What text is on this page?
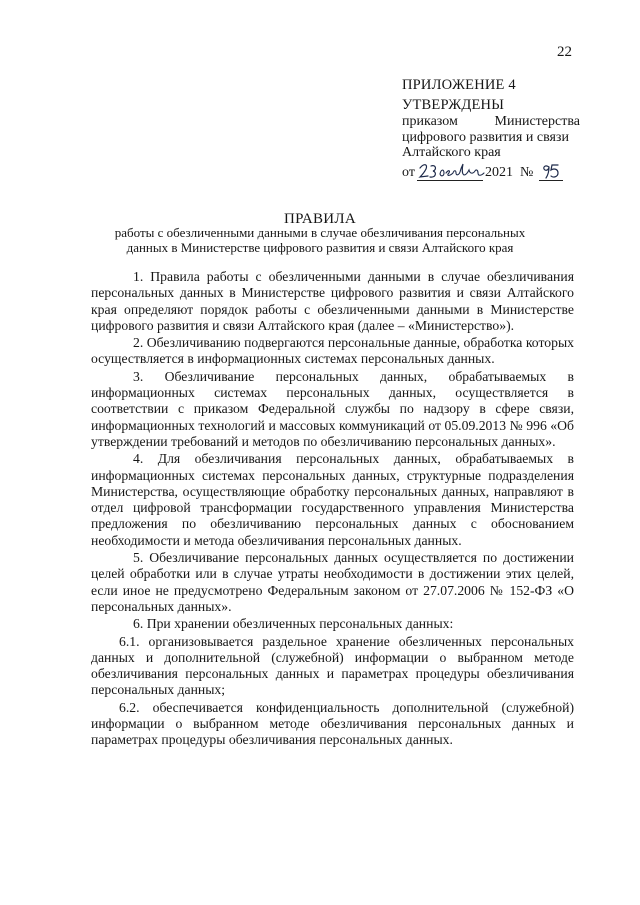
22
ПРИЛОЖЕНИЕ 4
УТВЕРЖДЕНЫ
приказом	Министерства
цифрового развития и связи
Алтайского края
от	2021 №
ПРАВИЛА
работы с обезличенными данными в случае обезличивания персональных
данных в Министерстве цифрового развития и связи Алтайского края

1. Правила работы с обезличенными данными в случае обезличивания персональных данных в Министерстве цифрового развития и связи Алтайского края определяют порядок работы с обезличенными данными в Министерстве цифрового развития и связи Алтайского края (далее – «Министерство»).

2. Обезличиванию подвергаются персональные данные, обработка которых осуществляется в информационных системах персональных данных.

3. Обезличивание персональных данных, обрабатываемых в информационных системах персональных данных, осуществляется в соответствии с приказом Федеральной службы по надзору в сфере связи, информационных технологий и массовых коммуникаций от 05.09.2013 № 996 «Об утверждении требований и методов по обезличиванию персональных данных».

4. Для обезличивания персональных данных, обрабатываемых в информационных системах персональных данных, структурные подразделения Министерства, осуществляющие обработку персональных данных, направляют в отдел цифровой трансформации государственного управления Министерства предложения по обезличиванию персональных данных с обоснованием необходимости и метода обезличивания персональных данных.

5. Обезличивание персональных данных осуществляется по достижении целей обработки или в случае утраты необходимости в достижении этих целей, если иное не предусмотрено Федеральным законом от 27.07.2006 № 152-ФЗ «О персональных данных».

6. При хранении обезличенных персональных данных:

6.1. организовывается раздельное хранение обезличенных персональных данных и дополнительной (служебной) информации о выбранном методе обезличивания персональных данных и параметрах процедуры обезличивания персональных данных;

6.2. обеспечивается конфиденциальность дополнительной (служебной) информации о выбранном методе обезличивания персональных данных и параметрах процедуры обезличивания персональных данных.
